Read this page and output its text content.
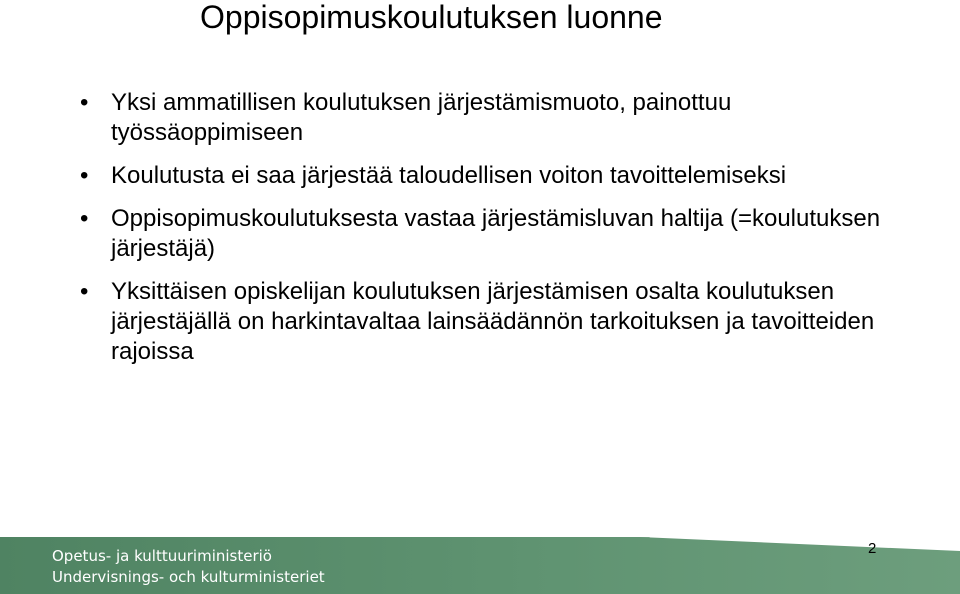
Oppisopimuskoulutuksen luonne
• Yksi ammatillisen koulutuksen järjestämismuoto, painottuu työssäoppimiseen
• Koulutusta ei saa järjestää taloudellisen voiton tavoittelemiseksi
• Oppisopimuskoulutuksesta vastaa järjestämisluvan haltija (=koulutuksen järjestäjä)
• Yksittäisen opiskelijan koulutuksen järjestämisen osalta koulutuksen järjestäjällä on harkintavaltaa lainsäädännön tarkoituksen ja tavoitteiden rajoissa
Opetus- ja kulttuuriministeriö
Undervisnings- och kulturministeriet
2
